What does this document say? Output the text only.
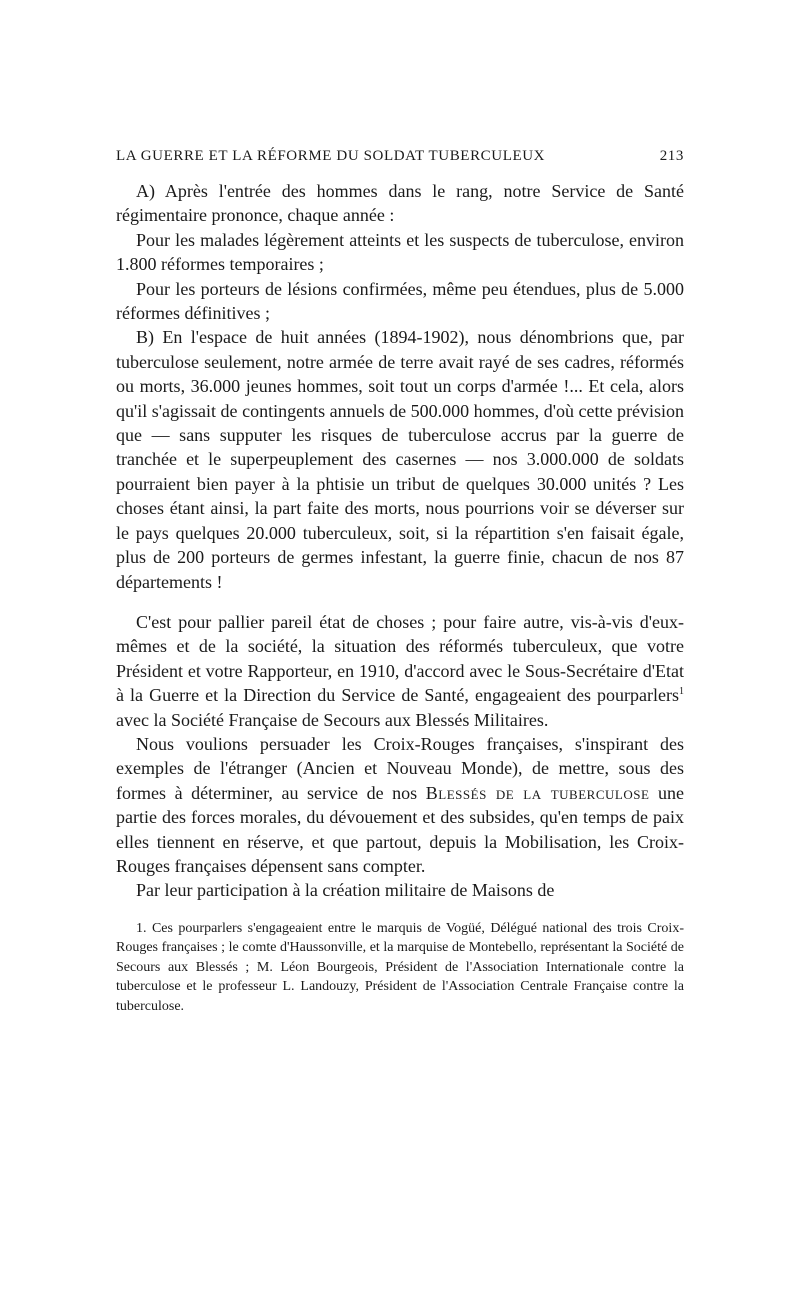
LA GUERRE ET LA RÉFORME DU SOLDAT TUBERCULEUX	213

A) Après l'entrée des hommes dans le rang, notre Service de Santé régimentaire prononce, chaque année :

Pour les malades légèrement atteints et les suspects de tuberculose, environ 1.800 réformes temporaires ;

Pour les porteurs de lésions confirmées, même peu étendues, plus de 5.000 réformes définitives ;

B) En l'espace de huit années (1894-1902), nous dénombrions que, par tuberculose seulement, notre armée de terre avait rayé de ses cadres, réformés ou morts, 36.000 jeunes hommes, soit tout un corps d'armée !... Et cela, alors qu'il s'agissait de contingents annuels de 500.000 hommes, d'où cette prévision que — sans supputer les risques de tuberculose accrus par la guerre de tranchée et le superpeuplement des casernes — nos 3.000.000 de soldats pourraient bien payer à la phtisie un tribut de quelques 30.000 unités ? Les choses étant ainsi, la part faite des morts, nous pourrions voir se déverser sur le pays quelques 20.000 tuberculeux, soit, si la répartition s'en faisait égale, plus de 200 porteurs de germes infestant, la guerre finie, chacun de nos 87 départements !

C'est pour pallier pareil état de choses ; pour faire autre, vis-à-vis d'eux-mêmes et de la société, la situation des réformés tuberculeux, que votre Président et votre Rapporteur, en 1910, d'accord avec le Sous-Secrétaire d'Etat à la Guerre et la Direction du Service de Santé, engageaient des pourparlers$^1$ avec la Société Française de Secours aux Blessés Militaires.

Nous voulions persuader les Croix-Rouges françaises, s'inspirant des exemples de l'étranger (Ancien et Nouveau Monde), de mettre, sous des formes à déterminer, au service de nos Blessés de la tuberculose une partie des forces morales, du dévouement et des subsides, qu'en temps de paix elles tiennent en réserve, et que partout, depuis la Mobilisation, les Croix-Rouges françaises dépensent sans compter.

Par leur participation à la création militaire de Maisons de

1. Ces pourparlers s'engageaient entre le marquis de Vogüé, Délégué national des trois Croix-Rouges françaises ; le comte d'Haussonville, et la marquise de Montebello, représentant la Société de Secours aux Blessés ; M. Léon Bourgeois, Président de l'Association Internationale contre la tuberculose et le professeur L. Landouzy, Président de l'Association Centrale Française contre la tuberculose.
